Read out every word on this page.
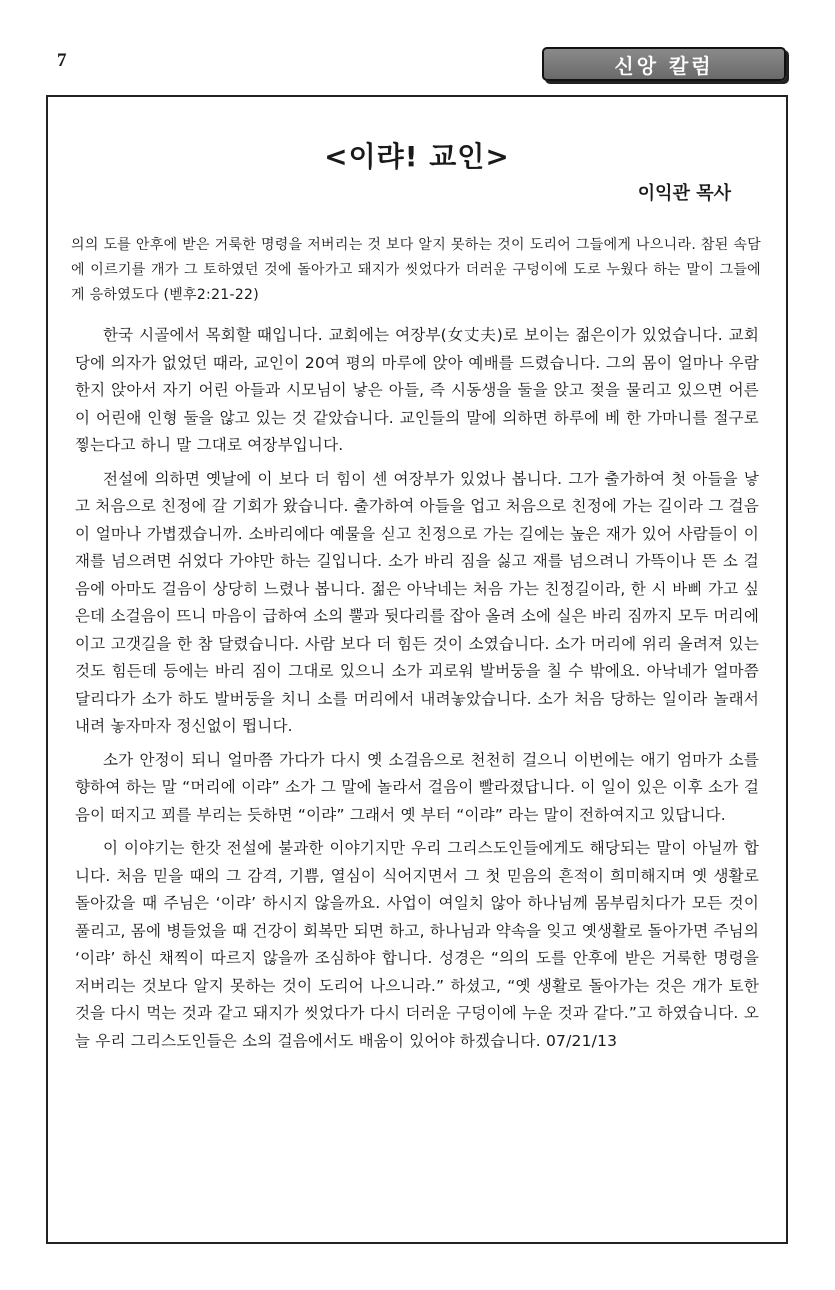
7	신앙 칼럼
<이랴! 교인>
이익관 목사
의의 도를 안후에 받은 거룩한 명령을 저버리는 것 보다 알지 못하는 것이 도리어 그들에게 나으니라. 참된 속담에 이르기를 개가 그 토하였던 것에 돌아가고 돼지가 씻었다가 더러운 구덩이에 도로 누웠다 하는 말이 그들에게 응하였도다 (벧후2:21-22)

한국 시골에서 목회할 때입니다. 교회에는 여장부(女丈夫)로 보이는 젊은이가 있었습니다. 교회당에 의자가 없었던 때라, 교인이 20여 평의 마루에 앉아 예배를 드렸습니다. 그의 몸이 얼마나 우람한지 앉아서 자기 어린 아들과 시모님이 낳은 아들, 즉 시동생을 둘을 앉고 젖을 물리고 있으면 어른이 어린애 인형 둘을 않고 있는 것 같았습니다. 교인들의 말에 의하면 하루에 베 한 가마니를 절구로 찧는다고 하니 말 그대로 여장부입니다.

전설에 의하면 옛날에 이 보다 더 힘이 센 여장부가 있었나 봅니다. 그가 출가하여 첫 아들을 낳고 처음으로 친정에 갈 기회가 왔습니다. 출가하여 아들을 업고 처음으로 친정에 가는 길이라 그 걸음이 얼마나 가볍겠습니까. 소바리에다 예물을 싣고 친정으로 가는 길에는 높은 재가 있어 사람들이 이 재를 넘으려면 쉬었다 가야만 하는 길입니다. 소가 바리 짐을 싫고 재를 넘으려니 가뜩이나 뜬 소 걸음에 아마도 걸음이 상당히 느렸나 봅니다. 젊은 아낙네는 처음 가는 친정길이라, 한 시 바삐 가고 싶은데 소걸음이 뜨니 마음이 급하여 소의 뿔과 뒷다리를 잡아 올려 소에 실은 바리 짐까지 모두 머리에 이고 고갯길을 한 참 달렸습니다. 사람 보다 더 힘든 것이 소였습니다. 소가 머리에 위리 올려져 있는 것도 힘든데 등에는 바리 짐이 그대로 있으니 소가 괴로워 발버둥을 칠 수 밖에요. 아낙네가 얼마쯤 달리다가 소가 하도 발버둥을 치니 소를 머리에서 내려놓았습니다. 소가 처음 당하는 일이라 놀래서 내려 놓자마자 정신없이 뜁니다.

소가 안정이 되니 얼마쯤 가다가 다시 옛 소걸음으로 천천히 걸으니 이번에는 애기 엄마가 소를 향하여 하는 말 “머리에 이랴” 소가 그 말에 놀라서 걸음이 빨라졌답니다. 이 일이 있은 이후 소가 걸음이 떠지고 꾀를 부리는 듯하면 “이랴” 그래서 옛 부터 “이랴” 라는 말이 전하여지고 있답니다.

이 이야기는 한갓 전설에 불과한 이야기지만 우리 그리스도인들에게도 해당되는 말이 아닐까 합니다. 처음 믿을 때의 그 감격, 기쁨, 열심이 식어지면서 그 첫 믿음의 흔적이 희미해지며 옛 생활로 돌아갔을 때 주님은 ‘이랴’ 하시지 않을까요. 사업이 여일치 않아 하나님께 몸부림치다가 모든 것이 풀리고, 몸에 병들었을 때 건강이 회복만 되면 하고, 하나님과 약속을 잊고 옛생활로 돌아가면 주님의 ‘이랴’ 하신 채찍이 따르지 않을까 조심하야 합니다. 성경은 “의의 도를 안후에 받은 거룩한 명령을 저버리는 것보다 알지 못하는 것이 도리어 나으니라.” 하셨고, “옛 생활로 돌아가는 것은 개가 토한 것을 다시 먹는 것과 같고 돼지가 씻었다가 다시 더러운 구덩이에 누운 것과 같다.”고 하였습니다. 오늘 우리 그리스도인들은 소의 걸음에서도 배움이 있어야 하겠습니다. 07/21/13
